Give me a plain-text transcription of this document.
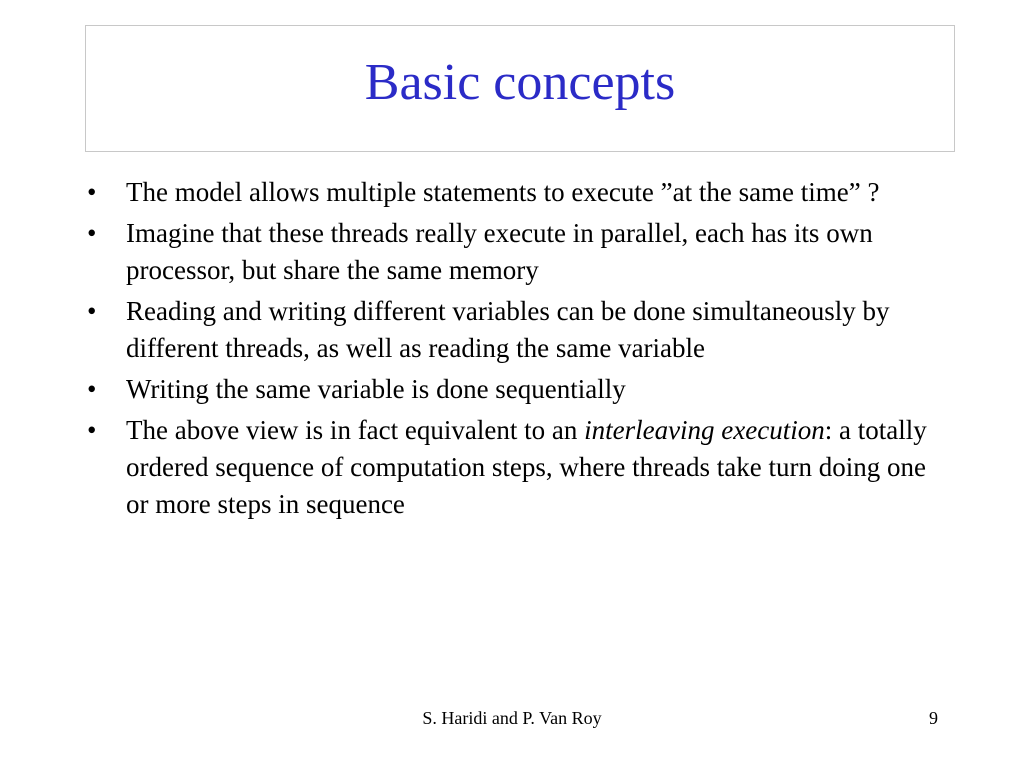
Basic concepts
• The model allows multiple statements to execute ”at the same time” ?
• Imagine that these threads really execute in parallel, each has its own processor, but share the same memory
• Reading and writing different variables can be done simultaneously by different threads, as well as reading the same variable
• Writing the same variable is done sequentially
• The above view is in fact equivalent to an interleaving execution: a totally ordered sequence of computation steps, where threads take turn doing one or more steps in sequence
S. Haridi and P. Van Roy	9
